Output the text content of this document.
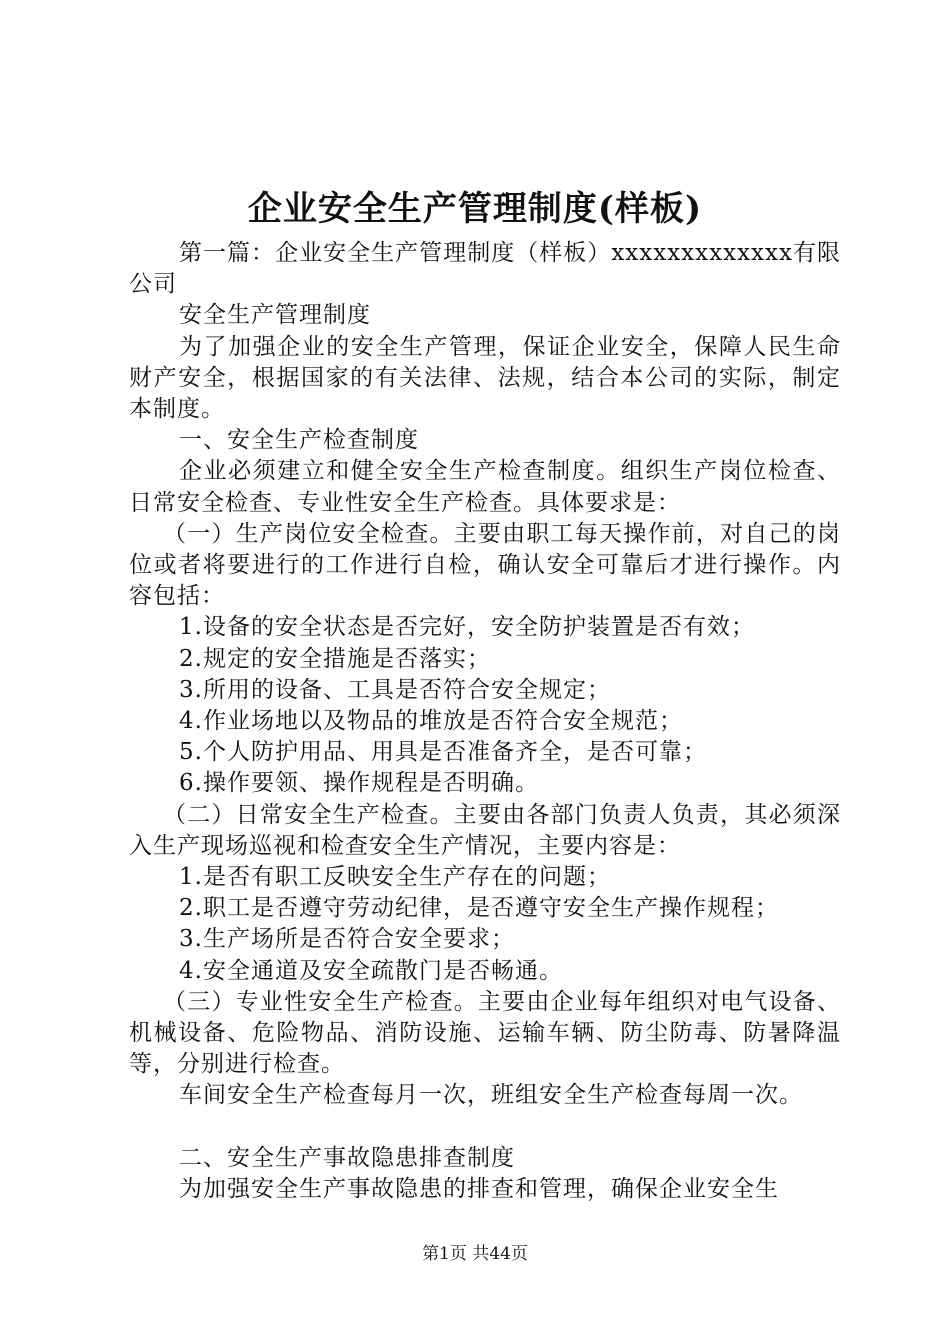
企业安全生产管理制度(样板)

第一篇：企业安全生产管理制度（样板）xxxxxxxxxxxxx有限公司

安全生产管理制度

为了加强企业的安全生产管理，保证企业安全，保障人民生命财产安全，根据国家的有关法律、法规，结合本公司的实际，制定本制度。

一、安全生产检查制度

企业必须建立和健全安全生产检查制度。组织生产岗位检查、日常安全检查、专业性安全生产检查。具体要求是：

（一）生产岗位安全检查。主要由职工每天操作前，对自己的岗位或者将要进行的工作进行自检，确认安全可靠后才进行操作。内容包括：

1.设备的安全状态是否完好，安全防护装置是否有效；

2.规定的安全措施是否落实；

3.所用的设备、工具是否符合安全规定；

4.作业场地以及物品的堆放是否符合安全规范；

5.个人防护用品、用具是否准备齐全，是否可靠；

6.操作要领、操作规程是否明确。

（二）日常安全生产检查。主要由各部门负责人负责，其必须深入生产现场巡视和检查安全生产情况，主要内容是：

1.是否有职工反映安全生产存在的问题；

2.职工是否遵守劳动纪律，是否遵守安全生产操作规程；

3.生产场所是否符合安全要求；

4.安全通道及安全疏散门是否畅通。

（三）专业性安全生产检查。主要由企业每年组织对电气设备、机械设备、危险物品、消防设施、运输车辆、防尘防毒、防暑降温等，分别进行检查。

车间安全生产检查每月一次，班组安全生产检查每周一次。

二、安全生产事故隐患排查制度

为加强安全生产事故隐患的排查和管理，确保企业安全生

第1页 共44页
